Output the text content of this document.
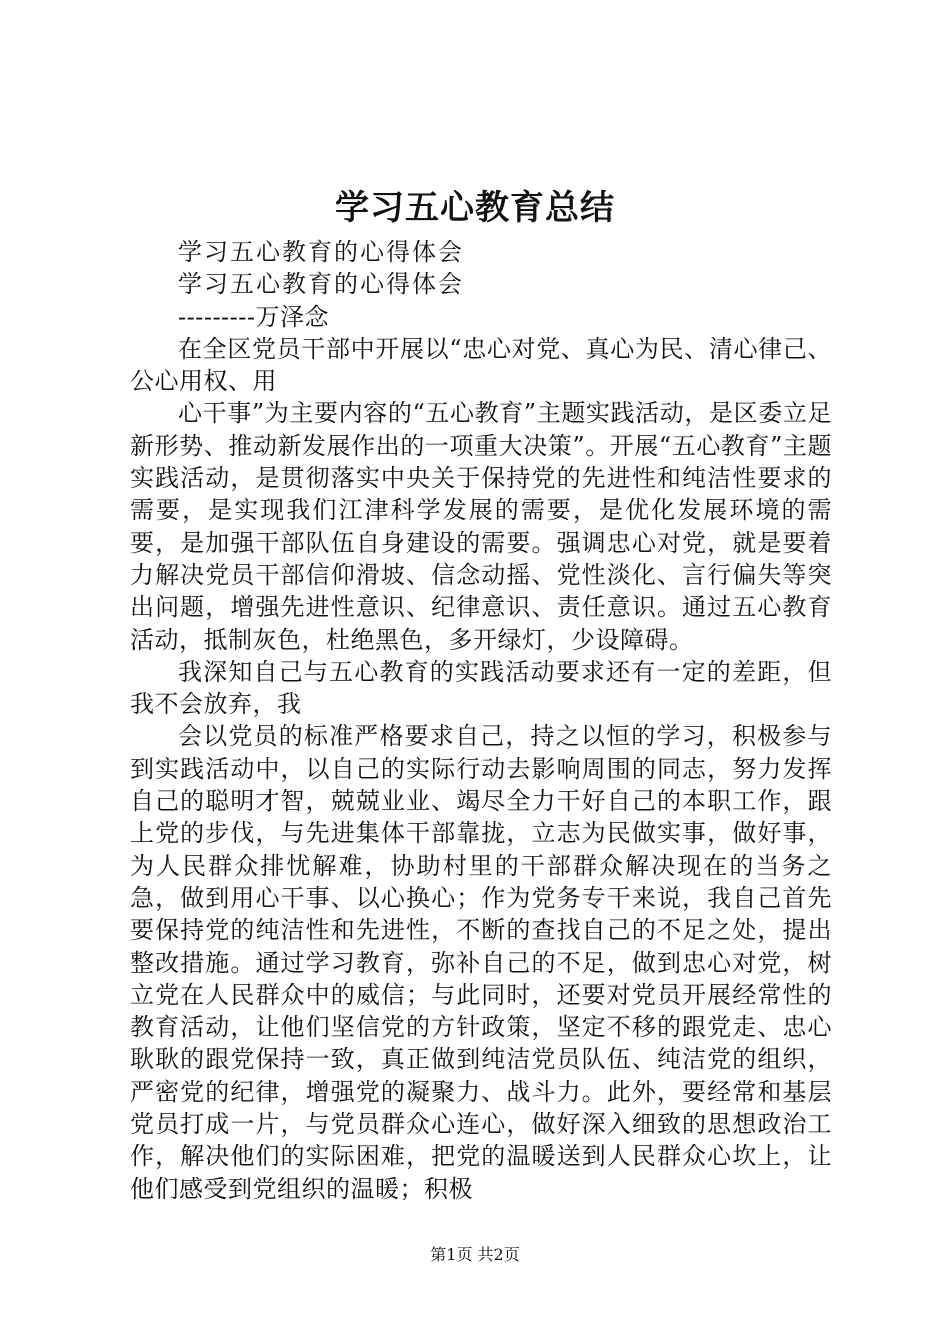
学习五心教育总结

学习五心教育的心得体会

学习五心教育的心得体会

---------万泽念

在全区党员干部中开展以“忠心对党、真心为民、清心律己、公心用权、用

心干事”为主要内容的“五心教育”主题实践活动，是区委立足新形势、推动新发展作出的一项重大决策”。开展“五心教育”主题实践活动，是贯彻落实中央关于保持党的先进性和纯洁性要求的需要，是实现我们江津科学发展的需要，是优化发展环境的需要，是加强干部队伍自身建设的需要。强调忠心对党，就是要着力解决党员干部信仰滑坡、信念动摇、党性淡化、言行偏失等突出问题，增强先进性意识、纪律意识、责任意识。通过五心教育活动，抵制灰色，杜绝黑色，多开绿灯，少设障碍。

我深知自己与五心教育的实践活动要求还有一定的差距，但我不会放弃，我

会以党员的标准严格要求自己，持之以恒的学习，积极参与到实践活动中，以自己的实际行动去影响周围的同志，努力发挥自己的聪明才智，兢兢业业、竭尽全力干好自己的本职工作，跟上党的步伐，与先进集体干部靠拢，立志为民做实事，做好事，为人民群众排忧解难，协助村里的干部群众解决现在的当务之急，做到用心干事、以心换心；作为党务专干来说，我自己首先要保持党的纯洁性和先进性，不断的查找自己的不足之处，提出整改措施。通过学习教育，弥补自己的不足，做到忠心对党，树立党在人民群众中的威信；与此同时，还要对党员开展经常性的教育活动，让他们坚信党的方针政策，坚定不移的跟党走、忠心耿耿的跟党保持一致，真正做到纯洁党员队伍、纯洁党的组织，严密党的纪律，增强党的凝聚力、战斗力。此外，要经常和基层党员打成一片，与党员群众心连心，做好深入细致的思想政治工作，解决他们的实际困难，把党的温暖送到人民群众心坎上，让他们感受到党组织的温暖；积极

第1页 共2页
